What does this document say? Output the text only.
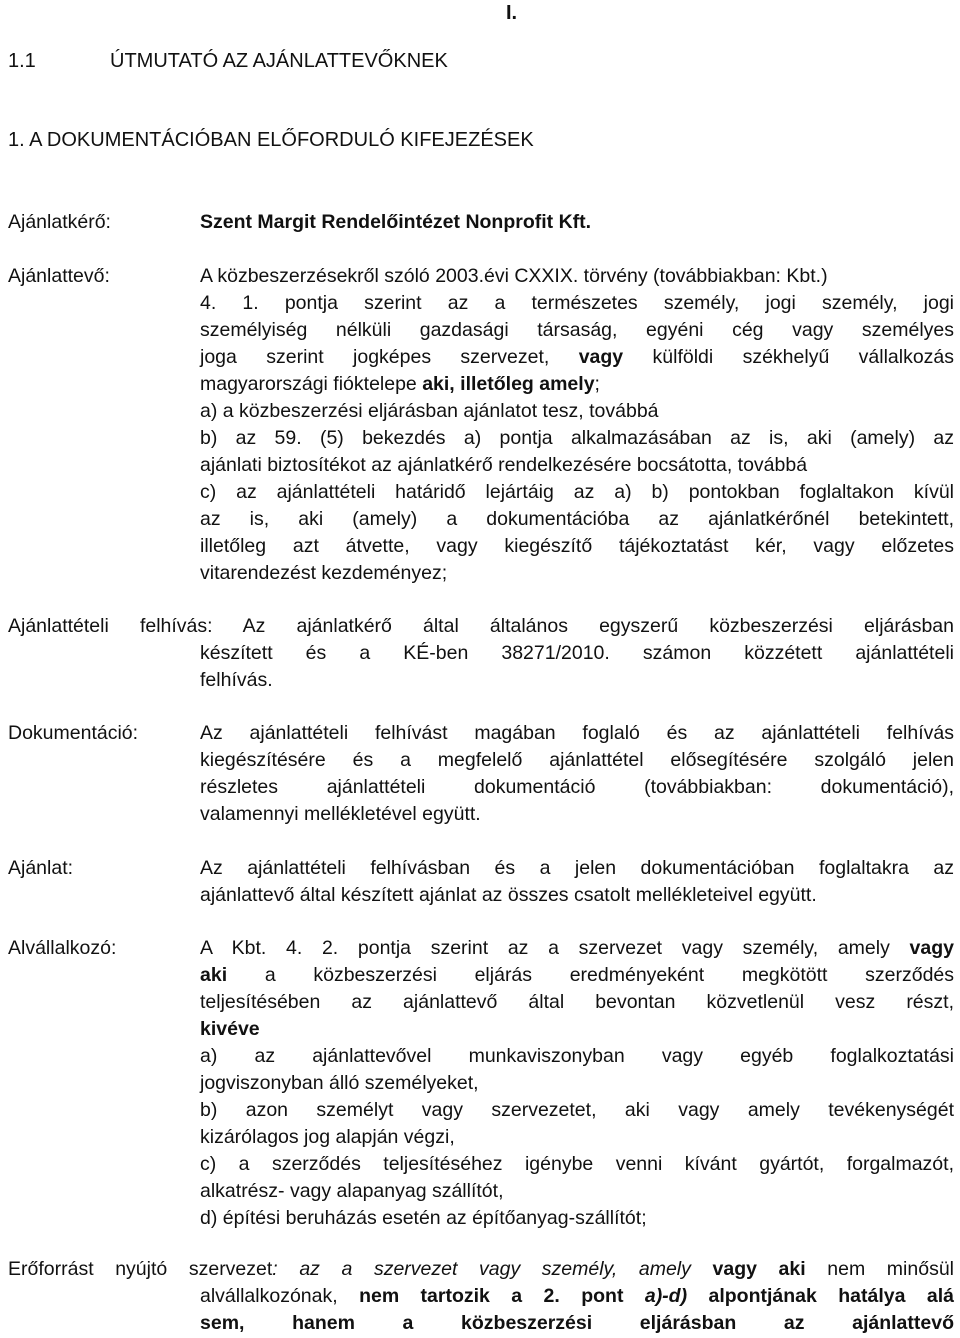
I.
1.1	ÚTMUTATÓ AZ AJÁNLATTEVŐKNEK
1. A DOKUMENTÁCIÓBAN ELŐFORDULÓ KIFEJEZÉSEK
Ajánlatkérő:	Szent Margit Rendelőintézet Nonprofit Kft.
Ajánlattevő:	A közbeszerzésekről szóló 2003.évi CXXIX. törvény (továbbiakban: Kbt.)
4. 1. pontja szerint az a természetes személy, jogi személy, jogi
személyiség nélküli gazdasági társaság, egyéni cég vagy személyes
joga szerint jogképes szervezet, vagy külföldi székhelyű vállalkozás
magyarországi fióktelepe aki, illetőleg amely;
a) a közbeszerzési eljárásban ajánlatot tesz, továbbá
b) az 59. (5) bekezdés a) pontja alkalmazásában az is, aki (amely) az
ajánlati biztosítékot az ajánlatkérő rendelkezésére bocsátotta, továbbá
c) az ajánlattételi határidő lejártáig az a) b) pontokban foglaltakon kívül
az is, aki (amely) a dokumentációba az ajánlatkérőnél betekintett,
illetőleg azt átvette, vagy kiegészítő tájékoztatást kér, vagy előzetes
vitarendezést kezdeményez;
Ajánlattételi felhívás: Az ajánlatkérő által általános egyszerű közbeszerzési eljárásban
készített és a KÉ-ben 38271/2010. számon közzétett ajánlattételi
felhívás.
Dokumentáció:	Az ajánlattételi felhívást magában foglaló és az ajánlattételi felhívás
kiegészítésére és a megfelelő ajánlattétel elősegítésére szolgáló jelen
részletes ajánlattételi dokumentáció (továbbiakban: dokumentáció),
valamennyi mellékletével együtt.
Ajánlat:	Az ajánlattételi felhívásban és a jelen dokumentációban foglaltakra az
ajánlattevő által készített ajánlat az összes csatolt mellékleteivel együtt.
Alvállalkozó:	A Kbt. 4. 2. pontja szerint az a szervezet vagy személy, amely vagy
aki a közbeszerzési eljárás eredményeként megkötött szerződés
teljesítésében az ajánlattevő által bevontan közvetlenül vesz részt,
kivéve
a) az ajánlattevővel munkaviszonyban vagy egyéb foglalkoztatási
jogviszonyban álló személyeket,
b) azon személyt vagy szervezetet, aki vagy amely tevékenységét
kizárólagos jog alapján végzi,
c) a szerződés teljesítéséhez igénybe venni kívánt gyártót, forgalmazót,
alkatrész- vagy alapanyag szállítót,
d) építési beruházás esetén az építőanyag-szállítót;
Erőforrást nyújtó szervezet: az a szervezet vagy személy, amely vagy aki nem minősül
alvállalkozónak, nem tartozik a 2. pont a)-d) alpontjának hatálya alá
sem, hanem a közbeszerzési eljárásban az ajánlattevő
